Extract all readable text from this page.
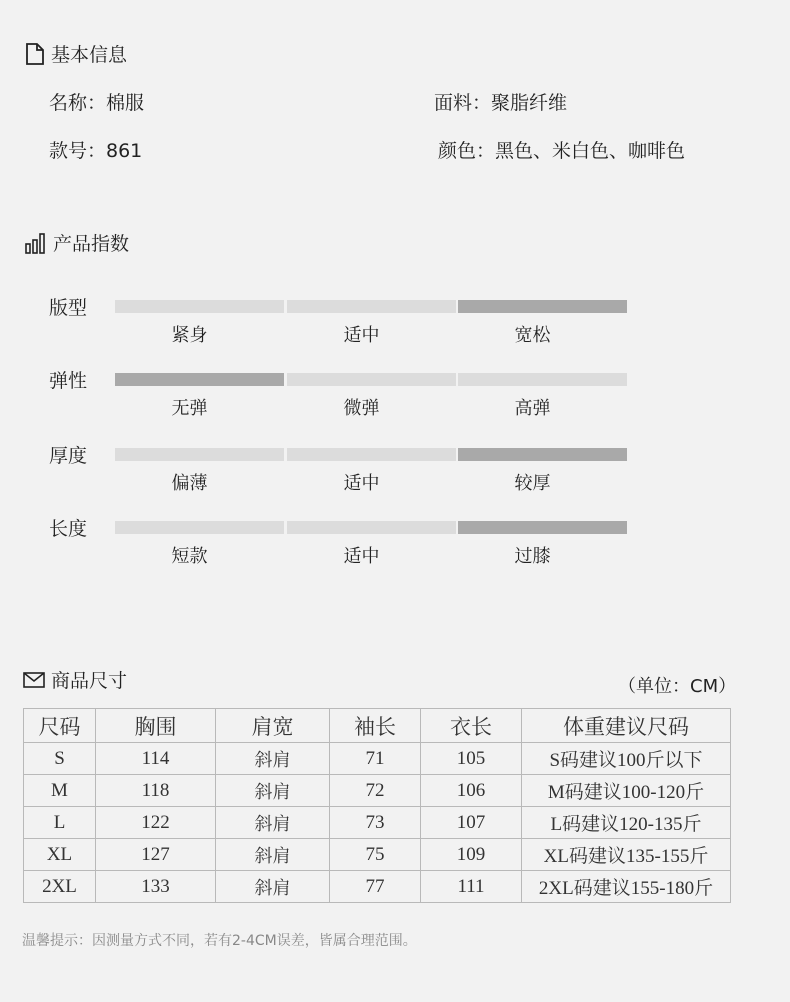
基本信息
名称：棉服	面料：聚脂纤维
款号：861	颜色：黑色、米白色、咖啡色
产品指数
版型
紧身	适中	宽松
弹性
无弹	微弹	高弹
厚度
偏薄	适中	较厚
长度
短款	适中	过膝
商品尺寸	（单位：CM）
尺码	胸围	肩宽	袖长	衣长	体重建议尺码
S	114	斜肩	71	105	S码建议100斤以下
M	118	斜肩	72	106	M码建议100-120斤
L	122	斜肩	73	107	L码建议120-135斤
XL	127	斜肩	75	109	XL码建议135-155斤
2XL	133	斜肩	77	111	2XL码建议155-180斤
温馨提示：因测量方式不同，若有2-4CM误差，皆属合理范围。
